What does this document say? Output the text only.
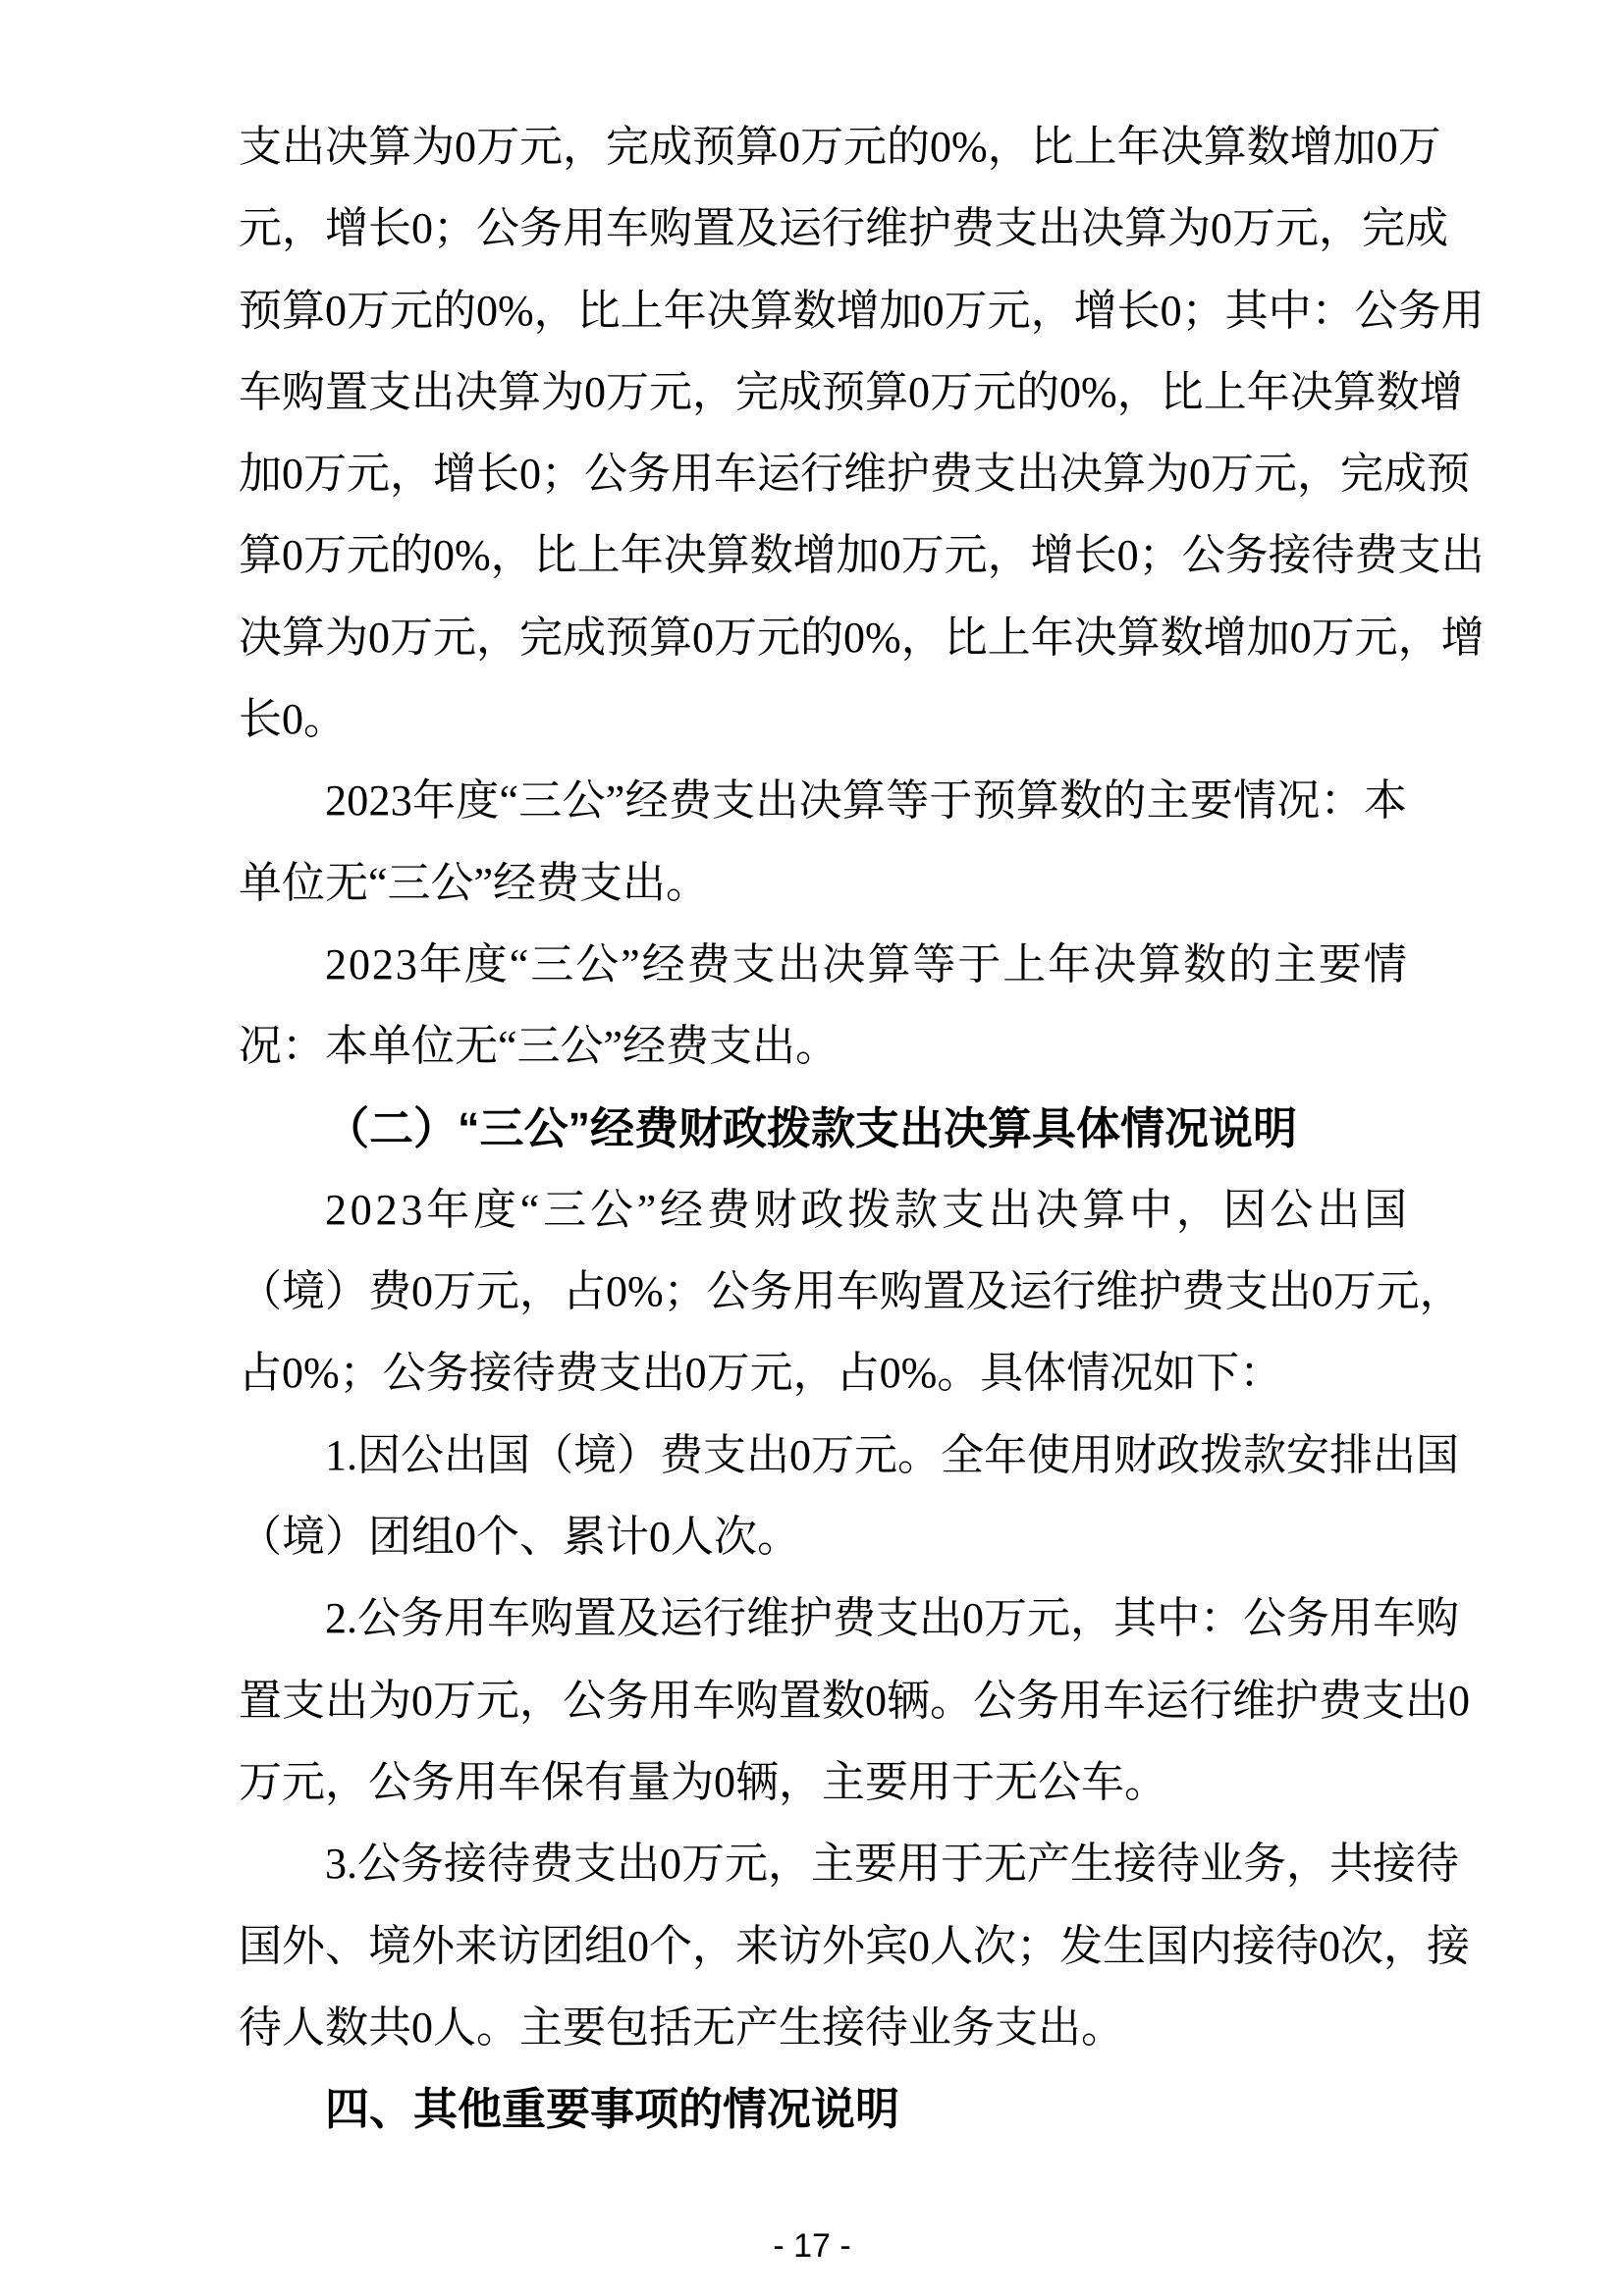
支 出 决 算 为 0 万 元 ， 完 成 预 算 0 万 元 的 0 % ， 比 上 年 决 算 数 增 加 0 万
元 ， 增 长 0 ； 公 务 用 车 购 置 及 运 行 维 护 费 支 出 决 算 为 0 万 元 ， 完 成
预 算 0 万 元 的 0 % ， 比 上 年 决 算 数 增 加 0 万 元 ， 增 长 0 ； 其 中 ： 公 务 用
车 购 置 支 出 决 算 为 0 万 元 ， 完 成 预 算 0 万 元 的 0 % ， 比 上 年 决 算 数 增
加 0 万 元 ， 增 长 0 ； 公 务 用 车 运 行 维 护 费 支 出 决 算 为 0 万 元 ， 完 成 预
算 0 万 元 的 0 % ， 比 上 年 决 算 数 增 加 0 万 元 ， 增 长 0 ； 公 务 接 待 费 支 出
决 算 为 0 万 元 ， 完 成 预 算 0 万 元 的 0 % ， 比 上 年 决 算 数 增 加 0 万 元 ， 增
长0。
2 0 2 3 年 度 “ 三 公 ” 经 费 支 出 决 算 等 于 预 算 数 的 主 要 情 况 ： 本
单位无“三公”经费支出。
2 0 2 3 年 度 “ 三 公 ” 经 费 支 出 决 算 等 于 上 年 决 算 数 的 主 要 情
况：本单位无“三公”经费支出。
（二）“三公”经费财政拨款支出决算具体情况说明
2 0 2 3 年 度 “ 三 公 ” 经 费 财 政 拨 款 支 出 决 算 中 ， 因 公 出 国
（ 境 ） 费 0 万 元 ， 占 0 % ； 公 务 用 车 购 置 及 运 行 维 护 费 支 出 0 万 元 ，
占0%；公务接待费支出0万元，占0%。具体情况如下：
1 . 因 公 出 国 （ 境 ） 费 支 出 0 万 元 。 全 年 使 用 财 政 拨 款 安 排 出 国
（境）团组0个、累计0人次。
2 . 公 务 用 车 购 置 及 运 行 维 护 费 支 出 0 万 元 ， 其 中 ： 公 务 用 车 购
置 支 出 为 0 万 元 ， 公 务 用 车 购 置 数 0 辆 。 公 务 用 车 运 行 维 护 费 支 出 0
万元，公务用车保有量为0辆，主要用于无公车。
3 . 公 务 接 待 费 支 出 0 万 元 ， 主 要 用 于 无 产 生 接 待 业 务 ， 共 接 待
国 外 、 境 外 来 访 团 组 0 个 ， 来 访 外 宾 0 人 次 ； 发 生 国 内 接 待 0 次 ， 接
待人数共0人。主要包括无产生接待业务支出。
四、其他重要事项的情况说明
- 17 -
